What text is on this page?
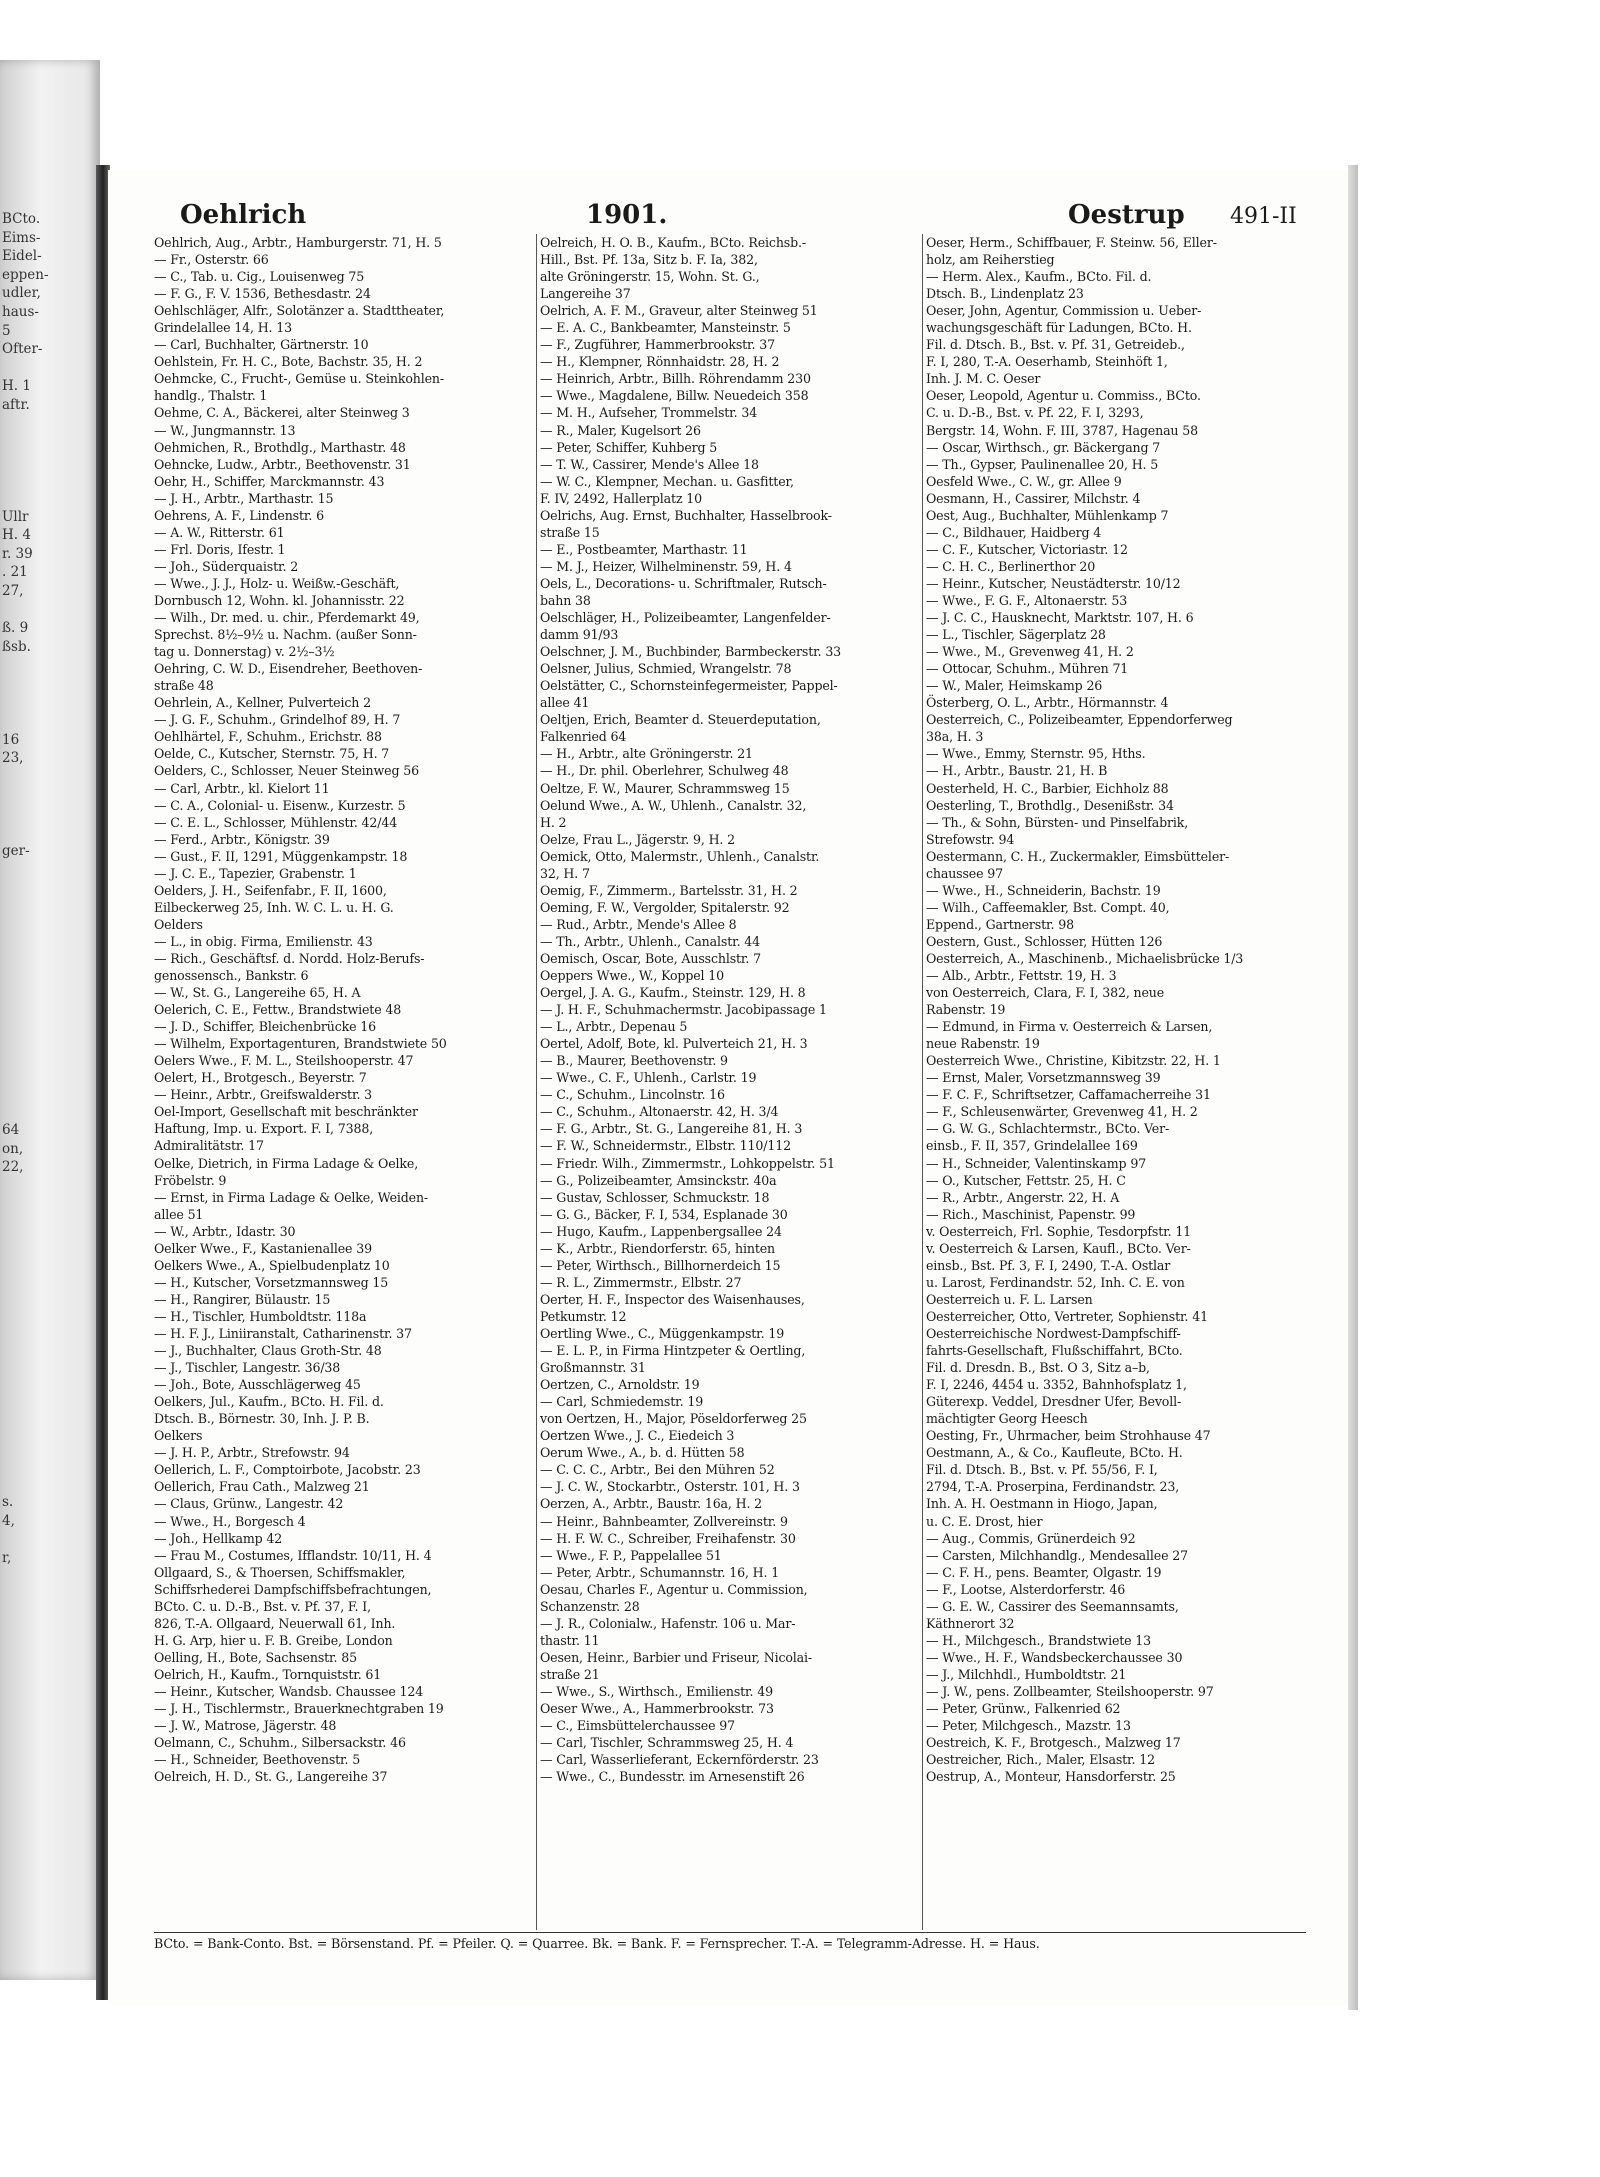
BCto.
Eims-
Eidel-
eppen-
udler,
haus-
5
Ofter-
H. 1
aftr.
Ullr
H. 4
r. 39
. 21
27,
ß. 9
ßsb.
16
23,
ger-
64
on,
22,
s.
4,
r,
Oehlrich	1901.	Oestrup 491-II
Oehlrich, Aug., Arbtr., Hamburgerstr. 71, H. 5
— Fr., Osterstr. 66
— C., Tab. u. Cig., Louisenweg 75
— F. G., F. V. 1536, Bethesdastr. 24
Oehlschläger, Alfr., Solotänzer a. Stadttheater,
Grindelallee 14, H. 13
— Carl, Buchhalter, Gärtnerstr. 10
Oehlstein, Fr. H. C., Bote, Bachstr. 35, H. 2
Oehmcke, C., Frucht-, Gemüse u. Steinkohlen-
handlg., Thalstr. 1
Oehme, C. A., Bäckerei, alter Steinweg 3
— W., Jungmannstr. 13
Oehmichen, R., Brothdlg., Marthastr. 48
Oehncke, Ludw., Arbtr., Beethovenstr. 31
Oehr, H., Schiffer, Marckmannstr. 43
— J. H., Arbtr., Marthastr. 15
Oehrens, A. F., Lindenstr. 6
— A. W., Ritterstr. 61
— Frl. Doris, Ifestr. 1
— Joh., Süderquaistr. 2
— Wwe., J. J., Holz- u. Weißw.-Geschäft,
Dornbusch 12, Wohn. kl. Johannisstr. 22
— Wilh., Dr. med. u. chir., Pferdemarkt 49,
Sprechst. 8½–9½ u. Nachm. (außer Sonn-
tag u. Donnerstag) v. 2½–3½
Oehring, C. W. D., Eisendreher, Beethoven-
straße 48
Oehrlein, A., Kellner, Pulverteich 2
— J. G. F., Schuhm., Grindelhof 89, H. 7
Oehlhärtel, F., Schuhm., Erichstr. 88
Oelde, C., Kutscher, Sternstr. 75, H. 7
Oelders, C., Schlosser, Neuer Steinweg 56
— Carl, Arbtr., kl. Kielort 11
— C. A., Colonial- u. Eisenw., Kurzestr. 5
— C. E. L., Schlosser, Mühlenstr. 42/44
— Ferd., Arbtr., Königstr. 39
— Gust., F. II, 1291, Müggenkampstr. 18
— J. C. E., Tapezier, Grabenstr. 1
Oelders, J. H., Seifenfabr., F. II, 1600,
Eilbeckerweg 25, Inh. W. C. L. u. H. G.
Oelders
— L., in obig. Firma, Emilienstr. 43
— Rich., Geschäftsf. d. Nordd. Holz-Berufs-
genossensch., Bankstr. 6
— W., St. G., Langereihe 65, H. A
Oelerich, C. E., Fettw., Brandstwiete 48
— J. D., Schiffer, Bleichenbrücke 16
— Wilhelm, Exportagenturen, Brandstwiete 50
Oelers Wwe., F. M. L., Steilshooperstr. 47
Oelert, H., Brotgesch., Beyerstr. 7
— Heinr., Arbtr., Greifswalderstr. 3
Oel-Import, Gesellschaft mit beschränkter
Haftung, Imp. u. Export. F. I, 7388,
Admiralitätstr. 17
Oelke, Dietrich, in Firma Ladage & Oelke,
Fröbelstr. 9
— Ernst, in Firma Ladage & Oelke, Weiden-
allee 51
— W., Arbtr., Idastr. 30
Oelker Wwe., F., Kastanienallee 39
Oelkers Wwe., A., Spielbudenplatz 10
— H., Kutscher, Vorsetzmannsweg 15
— H., Rangirer, Bülaustr. 15
— H., Tischler, Humboldtstr. 118a
— H. F. J., Liniiranstalt, Catharinenstr. 37
— J., Buchhalter, Claus Groth-Str. 48
— J., Tischler, Langestr. 36/38
— Joh., Bote, Ausschlägerweg 45
Oelkers, Jul., Kaufm., BCto. H. Fil. d.
Dtsch. B., Börnestr. 30, Inh. J. P. B.
Oelkers
— J. H. P., Arbtr., Strefowstr. 94
Oellerich, L. F., Comptoirbote, Jacobstr. 23
Oellerich, Frau Cath., Malzweg 21
— Claus, Grünw., Langestr. 42
— Wwe., H., Borgesch 4
— Joh., Hellkamp 42
— Frau M., Costumes, Ifflandstr. 10/11, H. 4
Ollgaard, S., & Thoersen, Schiffsmakler,
Schiffsrhederei Dampfschiffsbefrachtungen,
BCto. C. u. D.-B., Bst. v. Pf. 37, F. I,
826, T.-A. Ollgaard, Neuerwall 61, Inh.
H. G. Arp, hier u. F. B. Greibe, London
Oelling, H., Bote, Sachsenstr. 85
Oelrich, H., Kaufm., Tornquiststr. 61
— Heinr., Kutscher, Wandsb. Chaussee 124
— J. H., Tischlermstr., Brauerknechtgraben 19
— J. W., Matrose, Jägerstr. 48
Oelmann, C., Schuhm., Silbersackstr. 46
— H., Schneider, Beethovenstr. 5
Oelreich, H. D., St. G., Langereihe 37
Oelreich, H. O. B., Kaufm., BCto. Reichsb.-
Hill., Bst. Pf. 13a, Sitz b. F. Ia, 382,
alte Gröningerstr. 15, Wohn. St. G.,
Langereihe 37
Oelrich, A. F. M., Graveur, alter Steinweg 51
— E. A. C., Bankbeamter, Mansteinstr. 5
— F., Zugführer, Hammerbrookstr. 37
— H., Klempner, Rönnhaidstr. 28, H. 2
— Heinrich, Arbtr., Billh. Röhrendamm 230
— Wwe., Magdalene, Billw. Neuedeich 358
— M. H., Aufseher, Trommelstr. 34
— R., Maler, Kugelsort 26
— Peter, Schiffer, Kuhberg 5
— T. W., Cassirer, Mende's Allee 18
— W. C., Klempner, Mechan. u. Gasfitter,
F. IV, 2492, Hallerplatz 10
Oelrichs, Aug. Ernst, Buchhalter, Hasselbrook-
straße 15
— E., Postbeamter, Marthastr. 11
— M. J., Heizer, Wilhelminenstr. 59, H. 4
Oels, L., Decorations- u. Schriftmaler, Rutsch-
bahn 38
Oelschläger, H., Polizeibeamter, Langenfelder-
damm 91/93
Oelschner, J. M., Buchbinder, Barmbeckerstr. 33
Oelsner, Julius, Schmied, Wrangelstr. 78
Oelstätter, C., Schornsteinfegermeister, Pappel-
allee 41
Oeltjen, Erich, Beamter d. Steuerdeputation,
Falkenried 64
— H., Arbtr., alte Gröningerstr. 21
— H., Dr. phil. Oberlehrer, Schulweg 48
Oeltze, F. W., Maurer, Schrammsweg 15
Oelund Wwe., A. W., Uhlenh., Canalstr. 32,
H. 2
Oelze, Frau L., Jägerstr. 9, H. 2
Oemick, Otto, Malermstr., Uhlenh., Canalstr.
32, H. 7
Oemig, F., Zimmerm., Bartelsstr. 31, H. 2
Oeming, F. W., Vergolder, Spitalerstr. 92
— Rud., Arbtr., Mende's Allee 8
— Th., Arbtr., Uhlenh., Canalstr. 44
Oemisch, Oscar, Bote, Ausschlstr. 7
Oeppers Wwe., W., Koppel 10
Oergel, J. A. G., Kaufm., Steinstr. 129, H. 8
— J. H. F., Schuhmachermstr. Jacobipassage 1
— L., Arbtr., Depenau 5
Oertel, Adolf, Bote, kl. Pulverteich 21, H. 3
— B., Maurer, Beethovenstr. 9
— Wwe., C. F., Uhlenh., Carlstr. 19
— C., Schuhm., Lincolnstr. 16
— C., Schuhm., Altonaerstr. 42, H. 3/4
— F. G., Arbtr., St. G., Langereihe 81, H. 3
— F. W., Schneidermstr., Elbstr. 110/112
— Friedr. Wilh., Zimmermstr., Lohkoppelstr. 51
— G., Polizeibeamter, Amsinckstr. 40a
— Gustav, Schlosser, Schmuckstr. 18
— G. G., Bäcker, F. I, 534, Esplanade 30
— Hugo, Kaufm., Lappenbergsallee 24
— K., Arbtr., Riendorferstr. 65, hinten
— Peter, Wirthsch., Billhornerdeich 15
— R. L., Zimmermstr., Elbstr. 27
Oerter, H. F., Inspector des Waisenhauses,
Petkumstr. 12
Oertling Wwe., C., Müggenkampstr. 19
— E. L. P., in Firma Hintzpeter & Oertling,
Großmannstr. 31
Oertzen, C., Arnoldstr. 19
— Carl, Schmiedemstr. 19
von Oertzen, H., Major, Pöseldorferweg 25
Oertzen Wwe., J. C., Eiedeich 3
Oerum Wwe., A., b. d. Hütten 58
— C. C. C., Arbtr., Bei den Mühren 52
— J. C. W., Stockarbtr., Osterstr. 101, H. 3
Oerzen, A., Arbtr., Baustr. 16a, H. 2
— Heinr., Bahnbeamter, Zollvereinstr. 9
— H. F. W. C., Schreiber, Freihafenstr. 30
— Wwe., F. P., Pappelallee 51
— Peter, Arbtr., Schumannstr. 16, H. 1
Oesau, Charles F., Agentur u. Commission,
Schanzenstr. 28
— J. R., Colonialw., Hafenstr. 106 u. Mar-
thastr. 11
Oesen, Heinr., Barbier und Friseur, Nicolai-
straße 21
— Wwe., S., Wirthsch., Emilienstr. 49
Oeser Wwe., A., Hammerbrookstr. 73
— C., Eimsbüttelerchaussee 97
— Carl, Tischler, Schrammsweg 25, H. 4
— Carl, Wasserlieferant, Eckernförderstr. 23
— Wwe., C., Bundesstr. im Arnesenstift 26
Oeser, Herm., Schiffbauer, F. Steinw. 56, Eller-
holz, am Reiherstieg
— Herm. Alex., Kaufm., BCto. Fil. d.
Dtsch. B., Lindenplatz 23
Oeser, John, Agentur, Commission u. Ueber-
wachungsgeschäft für Ladungen, BCto. H.
Fil. d. Dtsch. B., Bst. v. Pf. 31, Getreideb.,
F. I, 280, T.-A. Oeserhamb, Steinhöft 1,
Inh. J. M. C. Oeser
Oeser, Leopold, Agentur u. Commiss., BCto.
C. u. D.-B., Bst. v. Pf. 22, F. I, 3293,
Bergstr. 14, Wohn. F. III, 3787, Hagenau 58
— Oscar, Wirthsch., gr. Bäckergang 7
— Th., Gypser, Paulinenallee 20, H. 5
Oesfeld Wwe., C. W., gr. Allee 9
Oesmann, H., Cassirer, Milchstr. 4
Oest, Aug., Buchhalter, Mühlenkamp 7
— C., Bildhauer, Haidberg 4
— C. F., Kutscher, Victoriastr. 12
— C. H. C., Berlinerthor 20
— Heinr., Kutscher, Neustädterstr. 10/12
— Wwe., F. G. F., Altonaerstr. 53
— J. C. C., Hausknecht, Marktstr. 107, H. 6
— L., Tischler, Sägerplatz 28
— Wwe., M., Grevenweg 41, H. 2
— Ottocar, Schuhm., Mühren 71
— W., Maler, Heimskamp 26
Österberg, O. L., Arbtr., Hörmannstr. 4
Oesterreich, C., Polizeibeamter, Eppendorferweg
38a, H. 3
— Wwe., Emmy, Sternstr. 95, Hths.
— H., Arbtr., Baustr. 21, H. B
Oesterheld, H. C., Barbier, Eichholz 88
Oesterling, T., Brothdlg., Desenißstr. 34
— Th., & Sohn, Bürsten- und Pinselfabrik,
Strefowstr. 94
Oestermann, C. H., Zuckermakler, Eimsbütteler-
chaussee 97
— Wwe., H., Schneiderin, Bachstr. 19
— Wilh., Caffeemakler, Bst. Compt. 40,
Eppend., Gartnerstr. 98
Oestern, Gust., Schlosser, Hütten 126
Oesterreich, A., Maschinenb., Michaelisbrücke 1/3
— Alb., Arbtr., Fettstr. 19, H. 3
von Oesterreich, Clara, F. I, 382, neue
Rabenstr. 19
— Edmund, in Firma v. Oesterreich & Larsen,
neue Rabenstr. 19
Oesterreich Wwe., Christine, Kibitzstr. 22, H. 1
— Ernst, Maler, Vorsetzmannsweg 39
— F. C. F., Schriftsetzer, Caffamacherreihe 31
— F., Schleusenwärter, Grevenweg 41, H. 2
— G. W. G., Schlachtermstr., BCto. Ver-
einsb., F. II, 357, Grindelallee 169
— H., Schneider, Valentinskamp 97
— O., Kutscher, Fettstr. 25, H. C
— R., Arbtr., Angerstr. 22, H. A
— Rich., Maschinist, Papenstr. 99
v. Oesterreich, Frl. Sophie, Tesdorpfstr. 11
v. Oesterreich & Larsen, Kaufl., BCto. Ver-
einsb., Bst. Pf. 3, F. I, 2490, T.-A. Ostlar
u. Larost, Ferdinandstr. 52, Inh. C. E. von
Oesterreich u. F. L. Larsen
Oesterreicher, Otto, Vertreter, Sophienstr. 41
Oesterreichische Nordwest-Dampfschiff-
fahrts-Gesellschaft, Flußschiffahrt, BCto.
Fil. d. Dresdn. B., Bst. O 3, Sitz a–b,
F. I, 2246, 4454 u. 3352, Bahnhofsplatz 1,
Güterexp. Veddel, Dresdner Ufer, Bevoll-
mächtigter Georg Heesch
Oesting, Fr., Uhrmacher, beim Strohhause 47
Oestmann, A., & Co., Kaufleute, BCto. H.
Fil. d. Dtsch. B., Bst. v. Pf. 55/56, F. I,
2794, T.-A. Proserpina, Ferdinandstr. 23,
Inh. A. H. Oestmann in Hiogo, Japan,
u. C. E. Drost, hier
— Aug., Commis, Grünerdeich 92
— Carsten, Milchhandlg., Mendesallee 27
— C. F. H., pens. Beamter, Olgastr. 19
— F., Lootse, Alsterdorferstr. 46
— G. E. W., Cassirer des Seemannsamts,
Käthnerort 32
— H., Milchgesch., Brandstwiete 13
— Wwe., H. F., Wandsbeckerchaussee 30
— J., Milchhdl., Humboldtstr. 21
— J. W., pens. Zollbeamter, Steilshooperstr. 97
— Peter, Grünw., Falkenried 62
— Peter, Milchgesch., Mazstr. 13
Oestreich, K. F., Brotgesch., Malzweg 17
Oestreicher, Rich., Maler, Elsastr. 12
Oestrup, A., Monteur, Hansdorferstr. 25
BCto. = Bank-Conto. Bst. = Börsenstand. Pf. = Pfeiler. Q. = Quarree. Bk. = Bank. F. = Fernsprecher. T.-A. = Telegramm-Adresse. H. = Haus.
